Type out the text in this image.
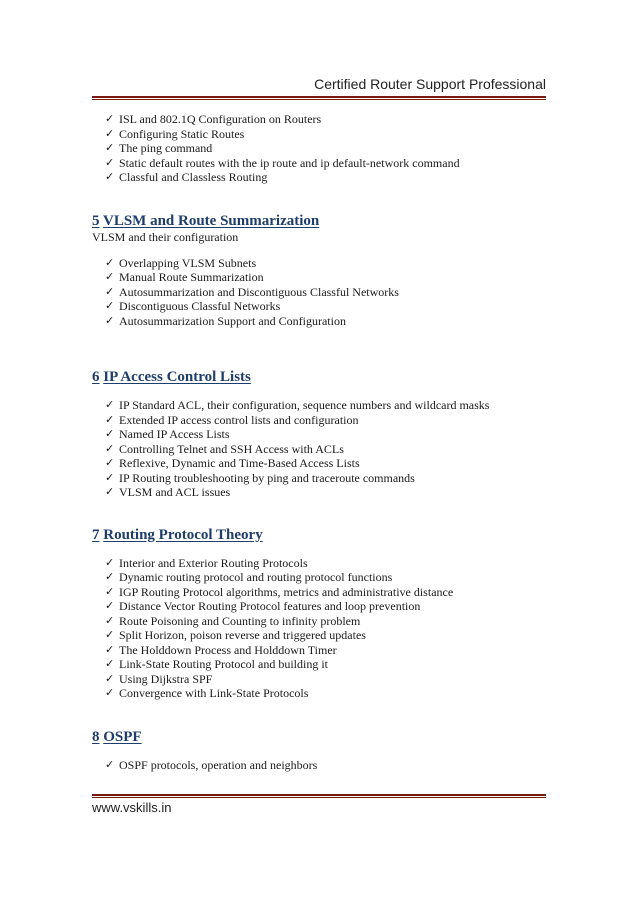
Certified Router Support Professional
✓ ISL and 802.1Q Configuration on Routers
✓ Configuring Static Routes
✓ The ping command
✓ Static default routes with the ip route and ip default-network command
✓ Classful and Classless Routing
5 VLSM and Route Summarization

VLSM and their configuration

✓ Overlapping VLSM Subnets
✓ Manual Route Summarization
✓ Autosummarization and Discontiguous Classful Networks
✓ Discontiguous Classful Networks
✓ Autosummarization Support and Configuration
6 IP Access Control Lists
✓ IP Standard ACL, their configuration, sequence numbers and wildcard masks
✓ Extended IP access control lists and configuration
✓ Named IP Access Lists
✓ Controlling Telnet and SSH Access with ACLs
✓ Reflexive, Dynamic and Time-Based Access Lists
✓ IP Routing troubleshooting by ping and traceroute commands
✓ VLSM and ACL issues
7 Routing Protocol Theory
✓ Interior and Exterior Routing Protocols
✓ Dynamic routing protocol and routing protocol functions
✓ IGP Routing Protocol algorithms, metrics and administrative distance
✓ Distance Vector Routing Protocol features and loop prevention
✓ Route Poisoning and Counting to infinity problem
✓ Split Horizon, poison reverse and triggered updates
✓ The Holddown Process and Holddown Timer
✓ Link-State Routing Protocol and building it
✓ Using Dijkstra SPF
✓ Convergence with Link-State Protocols
8 OSPF
✓ OSPF protocols, operation and neighbors
www.vskills.in
